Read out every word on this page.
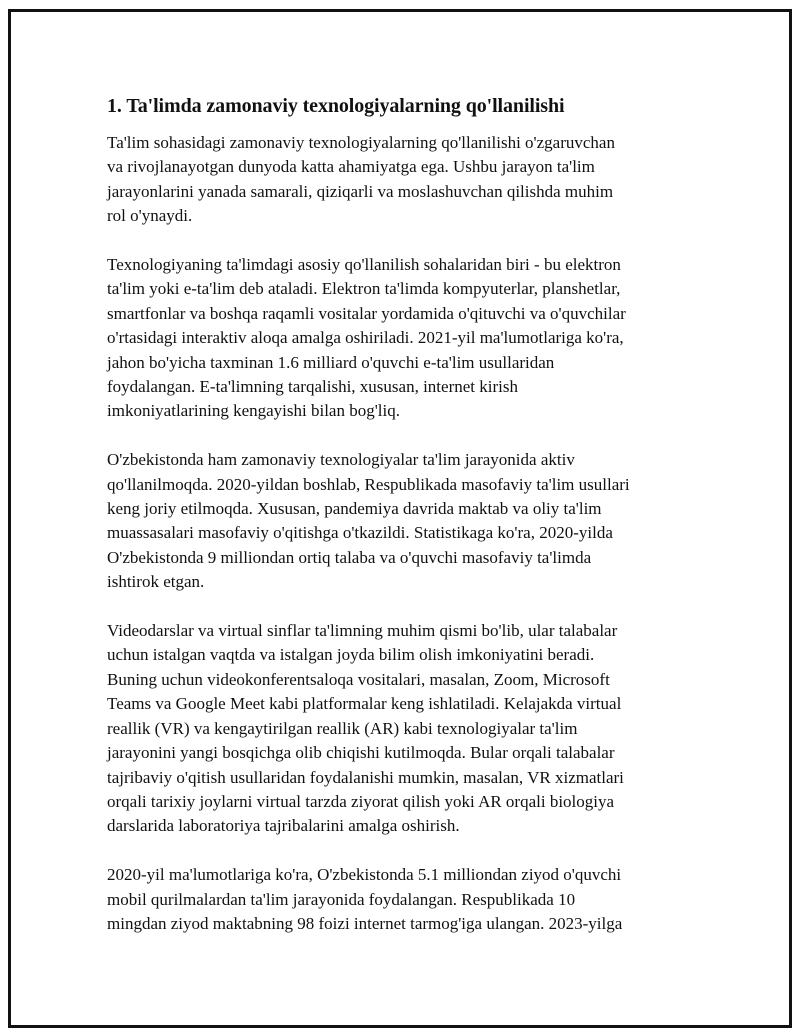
1. Ta'limda zamonaviy texnologiyalarning qo'llanilishi

Ta'lim sohasidagi zamonaviy texnologiyalarning qo'llanilishi o'zgaruvchan
va rivojlanayotgan dunyoda katta ahamiyatga ega. Ushbu jarayon ta'lim
jarayonlarini yanada samarali, qiziqarli va moslashuvchan qilishda muhim
rol o'ynaydi.

Texnologiyaning ta'limdagi asosiy qo'llanilish sohalaridan biri - bu elektron
ta'lim yoki e-ta'lim deb ataladi. Elektron ta'limda kompyuterlar, planshetlar,
smartfonlar va boshqa raqamli vositalar yordamida o'qituvchi va o'quvchilar
o'rtasidagi interaktiv aloqa amalga oshiriladi. 2021-yil ma'lumotlariga ko'ra,
jahon bo'yicha taxminan 1.6 milliard o'quvchi e-ta'lim usullaridan
foydalangan. E-ta'limning tarqalishi, xususan, internet kirish
imkoniyatlarining kengayishi bilan bog'liq.

O'zbekistonda ham zamonaviy texnologiyalar ta'lim jarayonida aktiv
qo'llanilmoqda. 2020-yildan boshlab, Respublikada masofaviy ta'lim usullari
keng joriy etilmoqda. Xususan, pandemiya davrida maktab va oliy ta'lim
muassasalari masofaviy o'qitishga o'tkazildi. Statistikaga ko'ra, 2020-yilda
O'zbekistonda 9 milliondan ortiq talaba va o'quvchi masofaviy ta'limda
ishtirok etgan.

Videodarslar va virtual sinflar ta'limning muhim qismi bo'lib, ular talabalar
uchun istalgan vaqtda va istalgan joyda bilim olish imkoniyatini beradi.
Buning uchun videokonferentsaloqa vositalari, masalan, Zoom, Microsoft
Teams va Google Meet kabi platformalar keng ishlatiladi. Kelajakda virtual
reallik (VR) va kengaytirilgan reallik (AR) kabi texnologiyalar ta'lim
jarayonini yangi bosqichga olib chiqishi kutilmoqda. Bular orqali talabalar
tajribaviy o'qitish usullaridan foydalanishi mumkin, masalan, VR xizmatlari
orqali tarixiy joylarni virtual tarzda ziyorat qilish yoki AR orqali biologiya
darslarida laboratoriya tajribalarini amalga oshirish.

2020-yil ma'lumotlariga ko'ra, O'zbekistonda 5.1 milliondan ziyod o'quvchi
mobil qurilmalardan ta'lim jarayonida foydalangan. Respublikada 10
mingdan ziyod maktabning 98 foizi internet tarmog'iga ulangan. 2023-yilga
